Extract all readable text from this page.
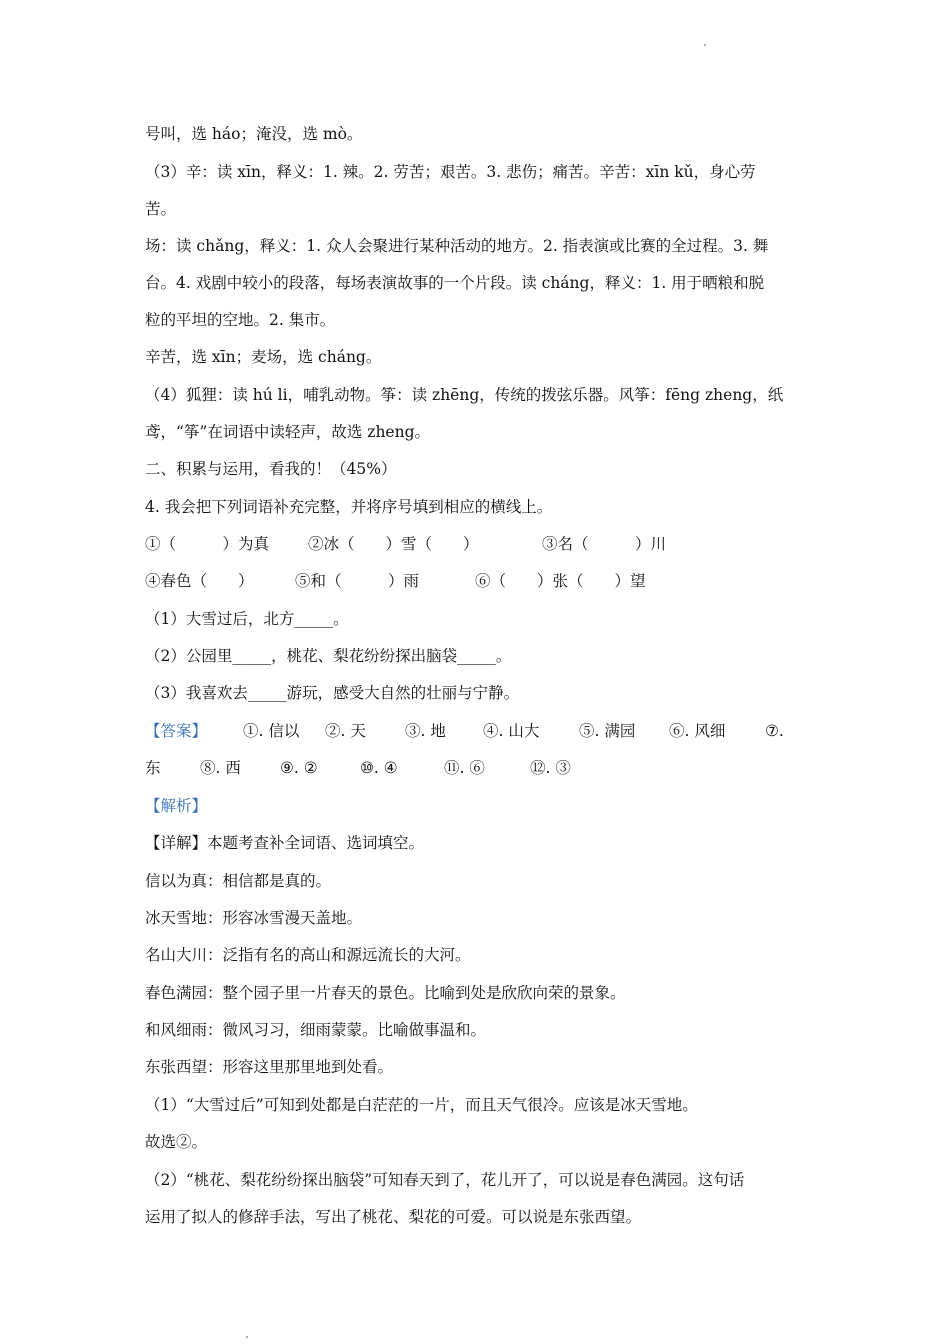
号叫，选 háo；淹没，选 mò。
（3）辛：读 xīn，释义：1. 辣。2. 劳苦；艰苦。3. 悲伤；痛苦。辛苦：xīn kǔ，身心劳
苦。
场：读 chǎng，释义：1. 众人会聚进行某种活动的地方。2. 指表演或比赛的全过程。3. 舞
台。4. 戏剧中较小的段落，每场表演故事的一个片段。读 cháng，释义：1. 用于晒粮和脱
粒的平坦的空地。2. 集市。
辛苦，选 xīn；麦场，选 cháng。
（4）狐狸：读 hú li，哺乳动物。筝：读 zhēng，传统的拨弦乐器。风筝：fēng zheng，纸
鸢，“筝”在词语中读轻声，故选 zheng。
二、积累与运用，看我的！（45%）
4. 我会把下列词语补充完整，并将序号填到相应的横线上。
①（　　　）为真	②冰（　　）雪（　　）	③名（　　　）川
④春色（　　）	⑤和（　　　）雨	⑥（　　）张（　　）望
（1）大雪过后，北方_____。
（2）公园里_____，桃花、梨花纷纷探出脑袋_____。
（3）我喜欢去_____游玩，感受大自然的壮丽与宁静。
【答案】	①. 信以	②. 天	③. 地	④. 山大	⑤. 满园	⑥. 风细	⑦.
东	⑧. 西	⑨. ②	⑩. ④	⑪. ⑥	⑫. ③
【解析】
【详解】本题考查补全词语、选词填空。
信以为真：相信都是真的。
冰天雪地：形容冰雪漫天盖地。
名山大川：泛指有名的高山和源远流长的大河。
春色满园：整个园子里一片春天的景色。比喻到处是欣欣向荣的景象。
和风细雨：微风习习，细雨蒙蒙。比喻做事温和。
东张西望：形容这里那里地到处看。
（1）“大雪过后”可知到处都是白茫茫的一片，而且天气很冷。应该是冰天雪地。
故选②。
（2）“桃花、梨花纷纷探出脑袋”可知春天到了，花儿开了，可以说是春色满园。这句话
运用了拟人的修辞手法，写出了桃花、梨花的可爱。可以说是东张西望。
